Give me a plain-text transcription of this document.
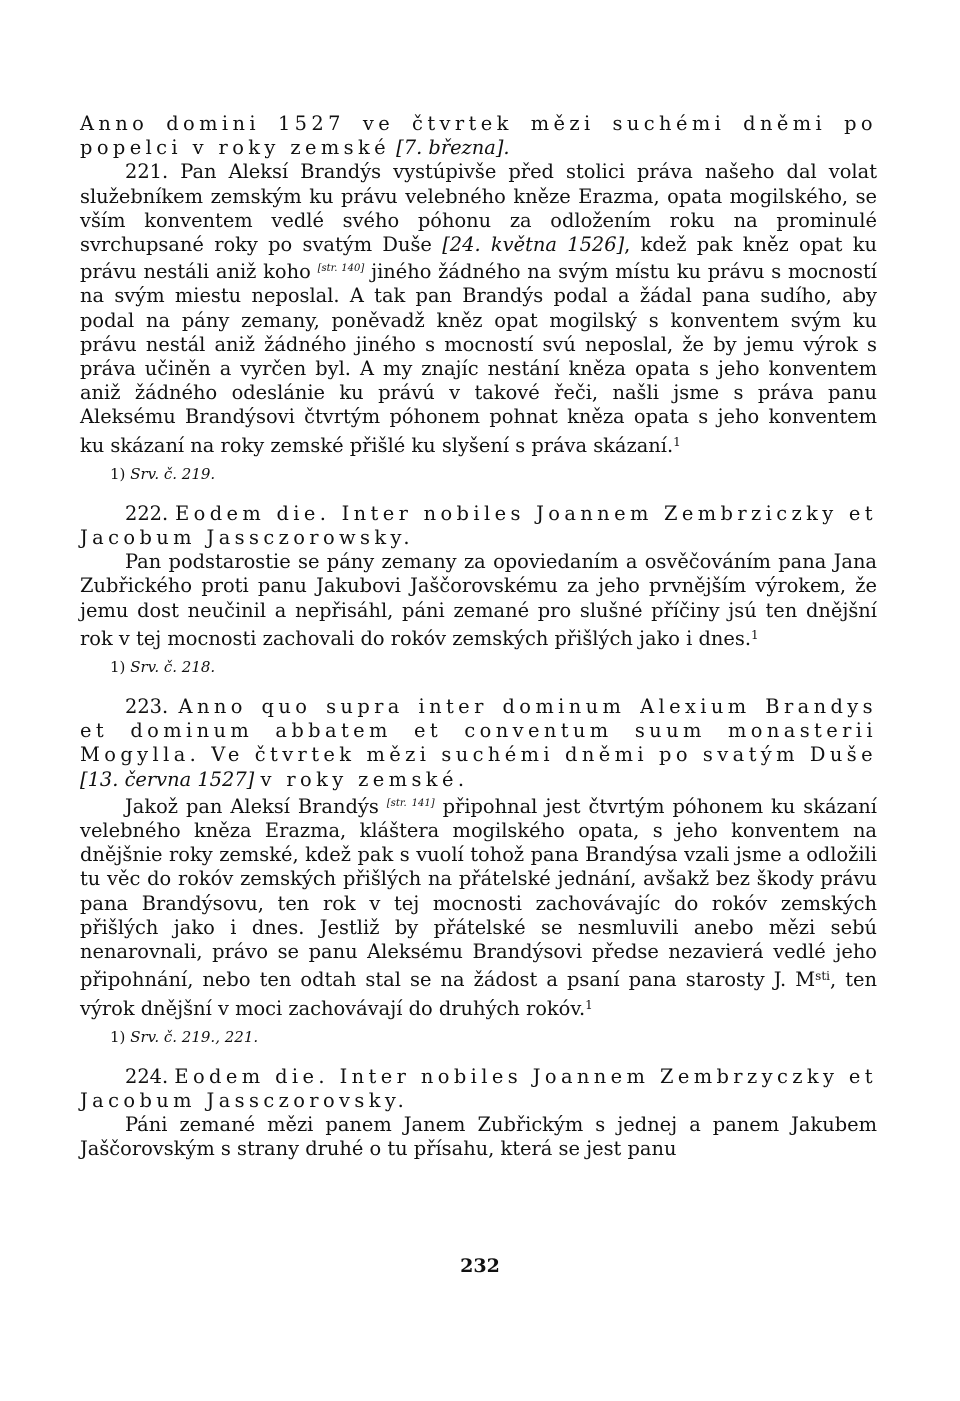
Anno domini 1527 ve čtvrtek mězi suchémi dněmi po popelci v roky zemské [7. března].

221. Pan Aleksí Brandýs vystúpivše před stolici práva našeho dal volat služebníkem zemským ku právu velebného kněze Erazma, opata mogilského, se vším konventem vedlé svého póhonu za odložením roku na prominulé svrchupsané roky po svatým Duše [24. května 1526], kdež pak kněz opat ku právu nestáli aniž koho [str. 140] jiného žádného na svým místu ku právu s mocností na svým miestu neposlal. A tak pan Brandýs podal a žádal pana sudího, aby podal na pány zemany, poněvadž kněz opat mogilský s konventem svým ku právu nestál aniž žádného jiného s mocností svú neposlal, že by jemu výrok s práva učiněn a vyrčen byl. A my znajíc nestání kněza opata s jeho konventem aniž žádného odeslánie ku právú v takové řeči, našli jsme s práva panu Aleksému Brandýsovi čtvrtým póhonem pohnat kněza opata s jeho konventem ku skázaní na roky zemské přišlé ku slyšení s práva skázaní.$^1$

1) Srv. č. 219.

222. Eodem die. Inter nobiles Joannem Zembrziczky et Jacobum Jassczorowsky.

Pan podstarostie se pány zemany za opoviedaním a osvěčováním pana Jana Zubřického proti panu Jakubovi Jaščorovskému za jeho prvnějším výrokem, že jemu dost neučinil a nepřisáhl, páni zemané pro slušné příčiny jsú ten dnějšní rok v tej mocnosti zachovali do rokóv zemských přišlých jako i dnes.$^1$

1) Srv. č. 218.

223. Anno quo supra inter dominum Alexium Brandys et dominum abbatem et conventum suum monasterii Mogylla. Ve čtvrtek mězi suchémi dněmi po svatým Duše [13. června 1527] v roky zemské.

Jakož pan Aleksí Brandýs [str. 141] připohnal jest čtvrtým póhonem ku skázaní velebného kněza Erazma, kláštera mogilského opata, s jeho konventem na dnějšnie roky zemské, kdež pak s vuolí tohož pana Brandýsa vzali jsme a odložili tu věc do rokóv zemských přišlých na přátelské jednání, avšakž bez škody právu pana Brandýsovu, ten rok v tej mocnosti zachovávajíc do rokóv zemských přišlých jako i dnes. Jestliž by přátelské se nesmluvili anebo mězi sebú nenarovnali, právo se panu Aleksému Brandýsovi předse nezavierá vedlé jeho připohnání, nebo ten odtah stal se na žádost a psaní pana starosty J. M$^{sti}$, ten výrok dnějšní v moci zachovávají do druhých rokóv.$^1$

1) Srv. č. 219., 221.

224. Eodem die. Inter nobiles Joannem Zembrzyczky et Jacobum Jassczorovsky.

Páni zemané mězi panem Janem Zubřickým s jednej a panem Jakubem Jaščorovským s strany druhé o tu přísahu, která se jest panu

232
